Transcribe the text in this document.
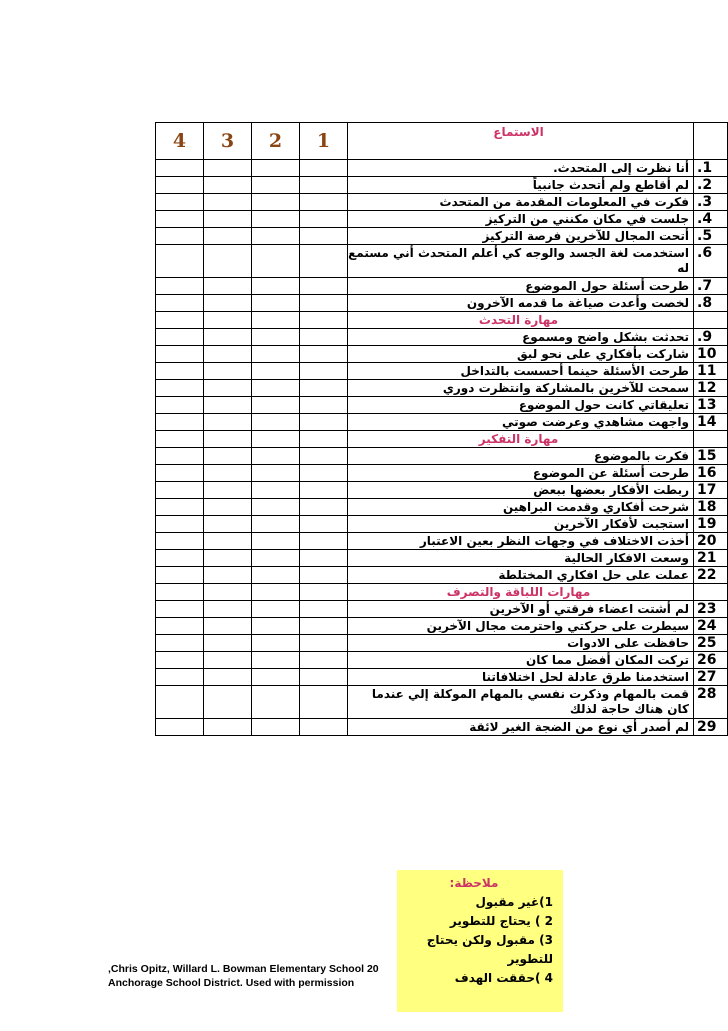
4	3	2	1	الاستماع	
				أنا نظرت إلى المتحدث.	.1
				لم أقاطع ولم أتحدث جانبياً	.2
				فكرت في المعلومات المقدمة من المتحدث	.3
				جلست في مكان مكنني من التركيز	.4
				أتحت المجال للآخرين فرصة التركيز	.5
				استخدمت لغة الجسد والوجه كي أعلم المتحدث أني مستمع له	.6
				طرحت أسئلة حول الموضوع	.7
				لخصت وأعدت صياغة ما قدمه الآخرون	.8
				مهارة التحدث	
				تحدثت بشكل واضح ومسموع	.9
				شاركت بأفكاري على نحو لبق	10
				طرحت الأسئلة حينما أحسست بالتداخل	11
				سمحت للآخرين بالمشاركة وانتظرت دوري	12
				تعليقاتي كانت حول الموضوع	13
				واجهت مشاهدي وعرضت صوتي	14
				مهارة التفكير	
				فكرت بالموضوع	15
				طرحت أسئلة عن الموضوع	16
				ربطت الأفكار بعضها ببعض	17
				شرحت أفكاري وقدمت البراهين	18
				استجبت لأفكار الآخرين	19
				أخذت الاختلاف في وجهات النظر بعين الاعتبار	20
				وسعت الافكار الحالية	21
				عملت على حل افكاري المختلطة	22
				مهارات اللباقة والتصرف	
				لم أشتت اعضاء فرقتي أو الآخرين	23
				سيطرت على حركتي واحترمت مجال الآخرين	24
				حافظت على الادوات	25
				تركت المكان أفضل مما كان	26
				استخدمنا طرق عادلة لحل اختلافاتنا	27
				قمت بالمهام وذكرت نفسي بالمهام الموكلة إلي عندما كان هناك حاجة لذلك	28
				لم أصدر أي نوع من الضجة الغير لائقة	29
ملاحظة:
1)غير مقبول
2 ) يحتاج للتطوير
3) مقبول ولكن يحتاج للتطوير
4 )حققت الهدف
,Chris Opitz, Willard L. Bowman Elementary School 20
Anchorage School District. Used with permission
